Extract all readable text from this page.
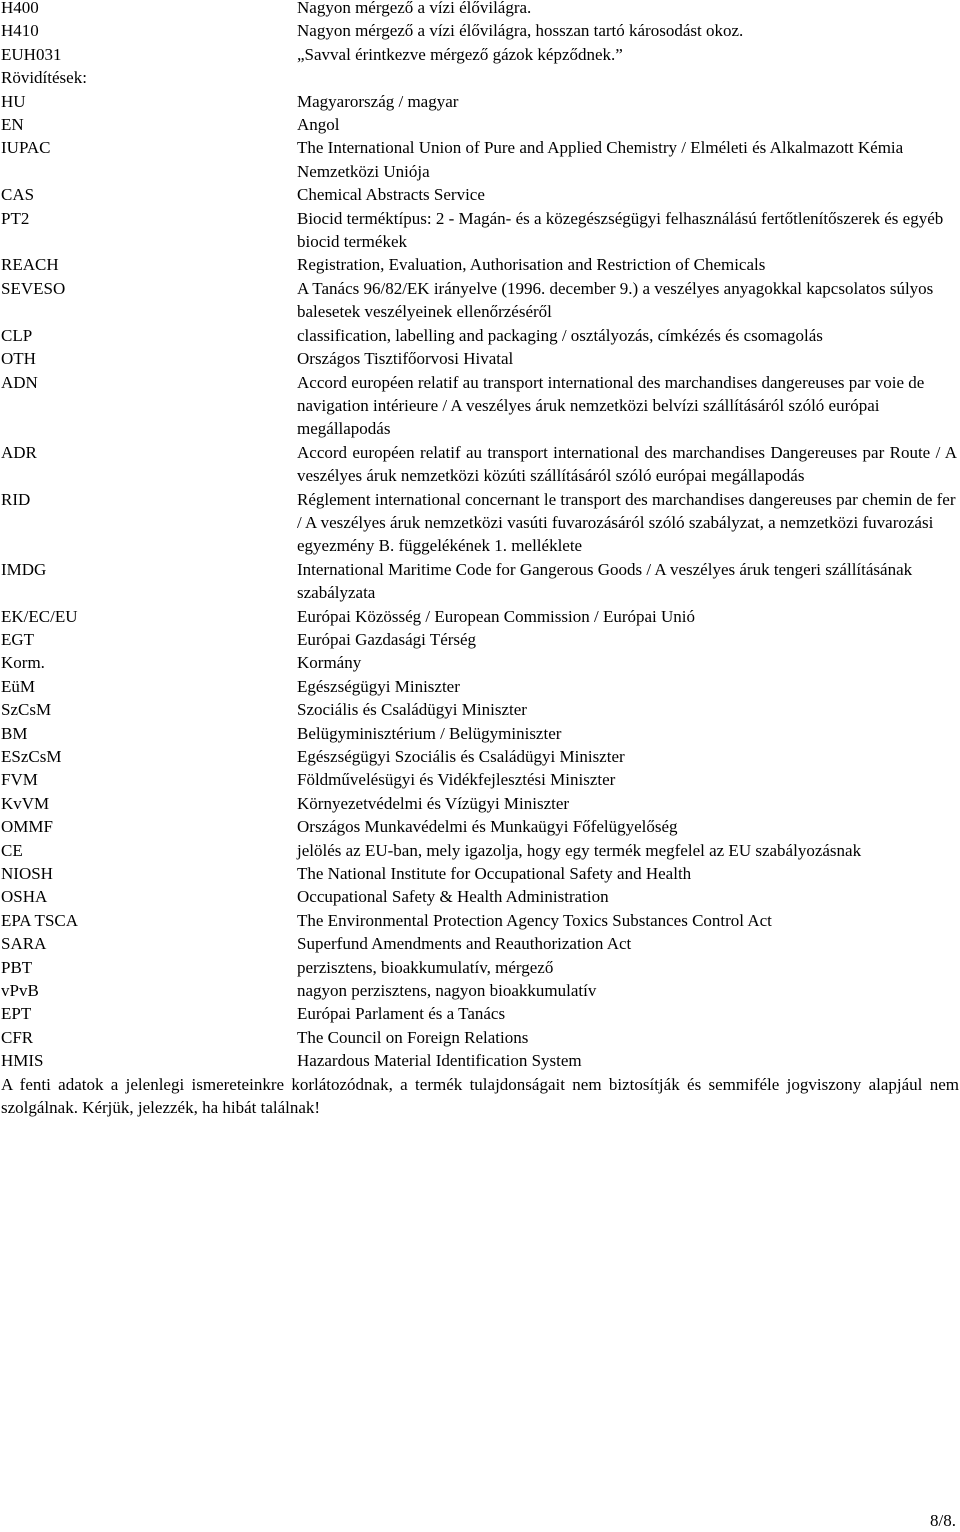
H400	Nagyon mérgező a vízi élővilágra.
H410	Nagyon mérgező a vízi élővilágra, hosszan tartó károsodást okoz.
EUH031	„Savval érintkezve mérgező gázok képződnek.”
Rövidítések:
HU	Magyarország / magyar
EN	Angol
IUPAC	The International Union of Pure and Applied Chemistry / Elméleti és Alkalmazott Kémia Nemzetközi Uniója
CAS	Chemical Abstracts Service
PT2	Biocid terméktípus: 2 - Magán- és a közegészségügyi felhasználású fertőtlenítőszerek és egyéb biocid termékek
REACH	Registration, Evaluation, Authorisation and Restriction of Chemicals
SEVESO	A Tanács 96/82/EK irányelve (1996. december 9.) a veszélyes anyagokkal kapcsolatos súlyos balesetek veszélyeinek ellenőrzéséről
CLP	classification, labelling and packaging / osztályozás, címkézés és csomagolás
OTH	Országos Tisztifőorvosi Hivatal
ADN	Accord européen relatif au transport international des marchandises dangereuses par voie de navigation intérieure / A veszélyes áruk nemzetközi belvízi szállításáról szóló európai megállapodás
ADR	Accord européen relatif au transport international des marchandises Dangereuses par Route / A veszélyes áruk nemzetközi közúti szállításáról szóló európai megállapodás
RID	Réglement international concernant le transport des marchandises dangereuses par chemin de fer / A veszélyes áruk nemzetközi vasúti fuvarozásáról szóló szabályzat, a nemzetközi fuvarozási egyezmény B. függelékének 1. melléklete
IMDG	International Maritime Code for Gangerous Goods / A veszélyes áruk tengeri szállításának szabályzata
EK/EC/EU	Európai Közösség / European Commission / Európai Unió
EGT	Európai Gazdasági Térség
Korm.	Kormány
EüM	Egészségügyi Miniszter
SzCsM	Szociális és Családügyi Miniszter
BM	Belügyminisztérium / Belügyminiszter
ESzCsM	Egészségügyi Szociális és Családügyi Miniszter
FVM	Földművelésügyi és Vidékfejlesztési Miniszter
KvVM	Környezetvédelmi és Vízügyi Miniszter
OMMF	Országos Munkavédelmi és Munkaügyi Főfelügyelőség
CE	jelölés az EU-ban, mely igazolja, hogy egy termék megfelel az EU szabályozásnak
NIOSH	The National Institute for Occupational Safety and Health
OSHA	Occupational Safety & Health Administration
EPA TSCA	The Environmental Protection Agency Toxics Substances Control Act
SARA	Superfund Amendments and Reauthorization Act
PBT	perzisztens, bioakkumulatív, mérgező
vPvB	nagyon perzisztens, nagyon bioakkumulatív
EPT	Európai Parlament és a Tanács
CFR	The Council on Foreign Relations
HMIS	Hazardous Material Identification System
A fenti adatok a jelenlegi ismereteinkre korlátozódnak, a termék tulajdonságait nem biztosítják és semmiféle jogviszony alapjául nem szolgálnak. Kérjük, jelezzék, ha hibát találnak!
8/8.
